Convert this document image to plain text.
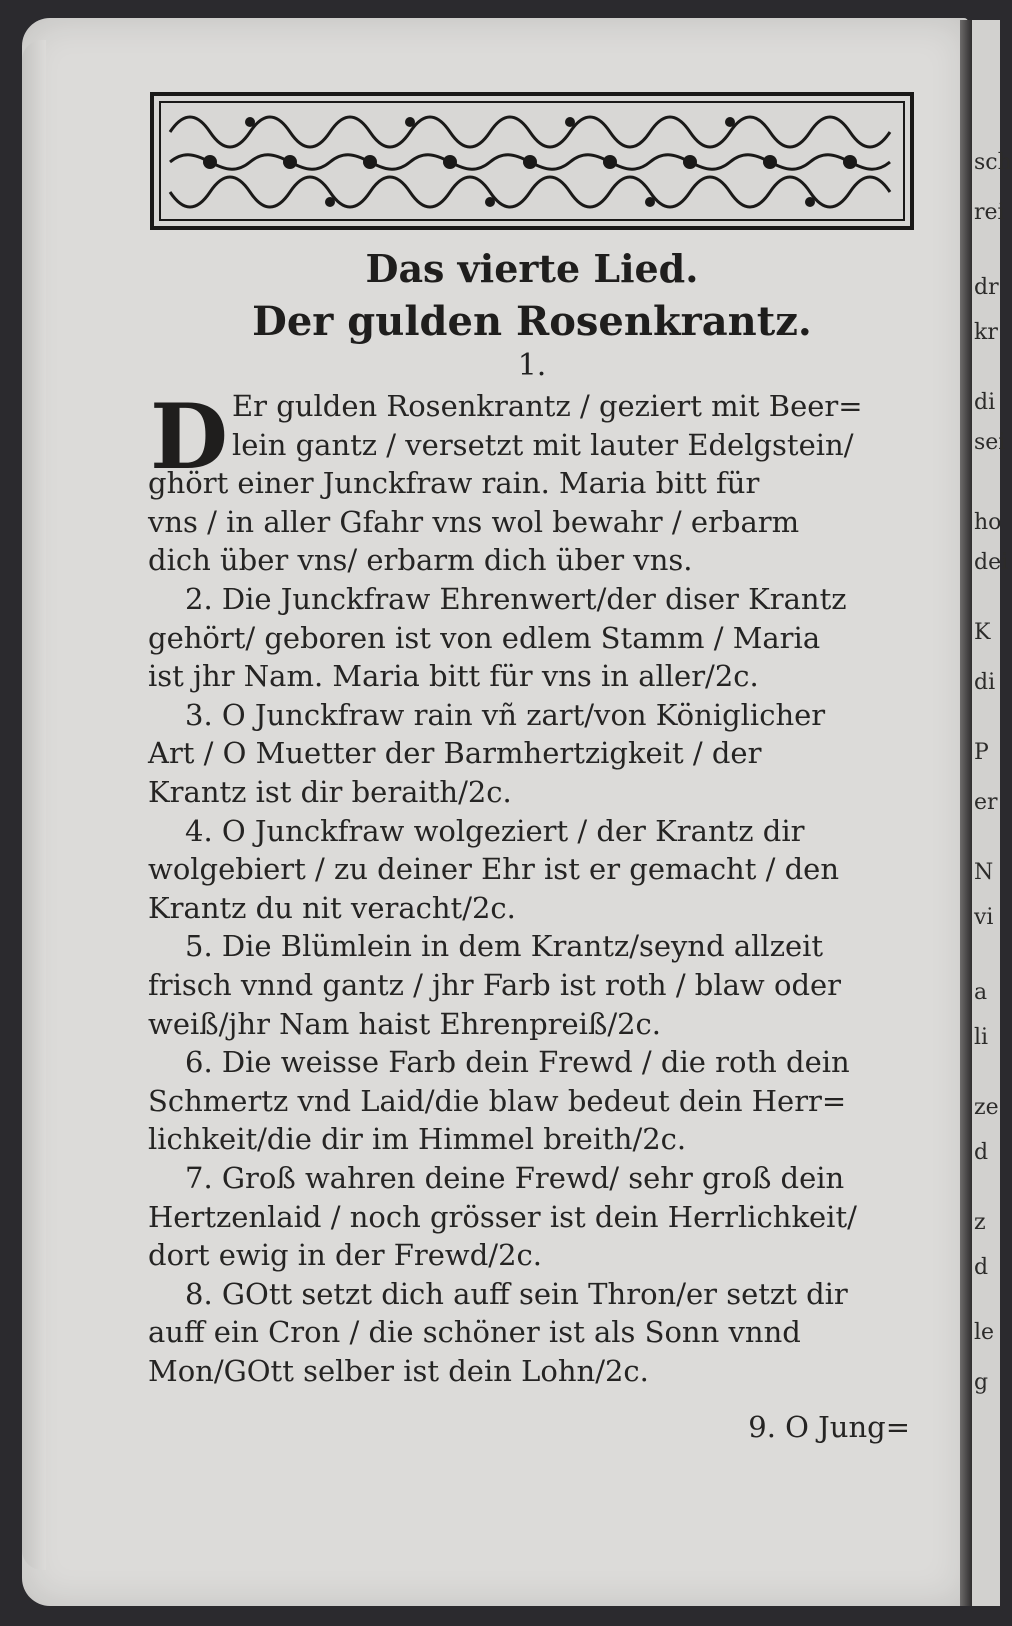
Das vierte Lied.
Der gulden Rosenkrantz.

1.

D Er gulden Rosenkrantz / geziert mit Beer=

lein gantz / versetzt mit lauter Edelgstein/

ghört einer Junckfraw rain. Maria bitt für

vns / in aller Gfahr vns wol bewahr / erbarm

dich über vns/ erbarm dich über vns.

2. Die Junckfraw Ehrenwert/der diser Krantz

gehört/ geboren ist von edlem Stamm / Maria

ist jhr Nam. Maria bitt für vns in aller/2c.

3. O Junckfraw rain vñ zart/von Königlicher

Art / O Muetter der Barmhertzigkeit / der

Krantz ist dir beraith/2c.

4. O Junckfraw wolgeziert / der Krantz dir

wolgebiert / zu deiner Ehr ist er gemacht / den

Krantz du nit veracht/2c.

5. Die Blümlein in dem Krantz/seynd allzeit

frisch vnnd gantz / jhr Farb ist roth / blaw oder

weiß/jhr Nam haist Ehrenpreiß/2c.

6. Die weisse Farb dein Frewd / die roth dein

Schmertz vnd Laid/die blaw bedeut dein Herr=

lichkeit/die dir im Himmel breith/2c.

7. Groß wahren deine Frewd/ sehr groß dein

Hertzenlaid / noch grösser ist dein Herrlichkeit/

dort ewig in der Frewd/2c.

8. GOtt setzt dich auff sein Thron/er setzt dir

auff ein Cron / die schöner ist als Sonn vnnd

Mon/GOtt selber ist dein Lohn/2c.

9. O Jung=

sch
rei
dr
kr
di
sei
ho
dei
K
di
P
er
N
vi
a
li
ze
d
z
d
le
g
